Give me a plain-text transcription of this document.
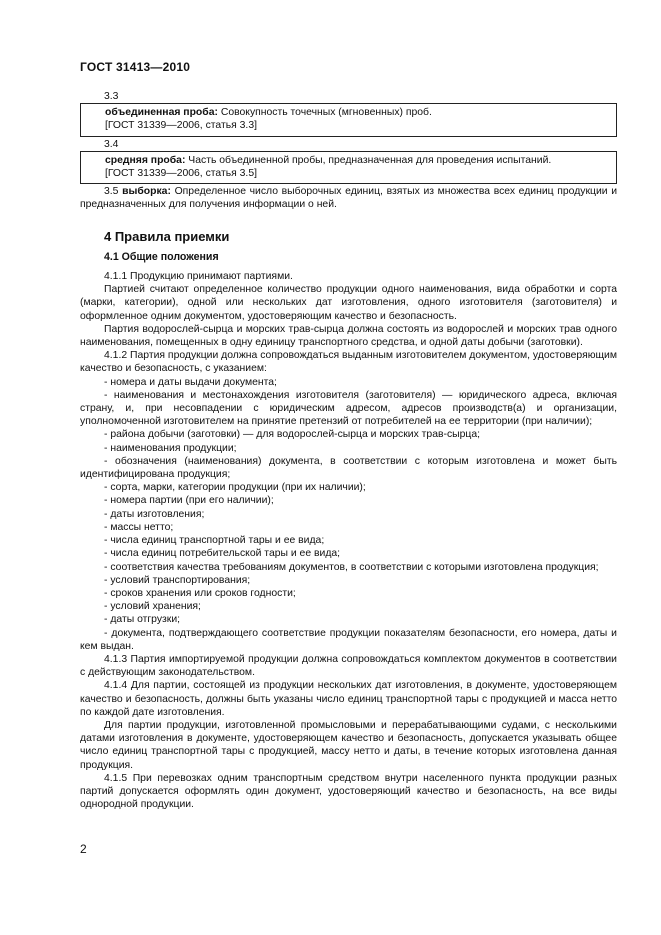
ГОСТ 31413—2010

3.3

объединенная проба: Совокупность точечных (мгновенных) проб.
[ГОСТ 31339—2006, статья 3.3]

3.4

средняя проба: Часть объединенной пробы, предназначенная для проведения испытаний.
[ГОСТ 31339—2006, статья 3.5]

3.5 выборка: Определенное число выборочных единиц, взятых из множества всех единиц продукции и предназначенных для получения информации о ней.

4 Правила приемки
4.1 Общие положения

4.1.1 Продукцию принимают партиями.

Партией считают определенное количество продукции одного наименования, вида обработки и сорта (марки, категории), одной или нескольких дат изготовления, одного изготовителя (заготовителя) и оформленное одним документом, удостоверяющим качество и безопасность.

Партия водорослей-сырца и морских трав-сырца должна состоять из водорослей и морских трав одного наименования, помещенных в одну единицу транспортного средства, и одной даты добычи (заготовки).

4.1.2 Партия продукции должна сопровождаться выданным изготовителем документом, удостоверяющим качество и безопасность, с указанием:

- номера и даты выдачи документа;

- наименования и местонахождения изготовителя (заготовителя) — юридического адреса, включая страну, и, при несовпадении с юридическим адресом, адресов производств(а) и организации, уполномоченной изготовителем на принятие претензий от потребителей на ее территории (при наличии);

- района добычи (заготовки) — для водорослей-сырца и морских трав-сырца;

- наименования продукции;

- обозначения (наименования) документа, в соответствии с которым изготовлена и может быть идентифицирована продукция;

- сорта, марки, категории продукции (при их наличии);

- номера партии (при его наличии);

- даты изготовления;

- массы нетто;

- числа единиц транспортной тары и ее вида;

- числа единиц потребительской тары и ее вида;

- соответствия качества требованиям документов, в соответствии с которыми изготовлена продукция;

- условий транспортирования;

- сроков хранения или сроков годности;

- условий хранения;

- даты отгрузки;

- документа, подтверждающего соответствие продукции показателям безопасности, его номера, даты и кем выдан.

4.1.3 Партия импортируемой продукции должна сопровождаться комплектом документов в соответствии с действующим законодательством.

4.1.4 Для партии, состоящей из продукции нескольких дат изготовления, в документе, удостоверяющем качество и безопасность, должны быть указаны число единиц транспортной тары с продукцией и масса нетто по каждой дате изготовления.

Для партии продукции, изготовленной промысловыми и перерабатывающими судами, с несколькими датами изготовления в документе, удостоверяющем качество и безопасность, допускается указывать общее число единиц транспортной тары с продукцией, массу нетто и даты, в течение которых изготовлена данная продукция.

4.1.5 При перевозках одним транспортным средством внутри населенного пункта продукции разных партий допускается оформлять один документ, удостоверяющий качество и безопасность, на все виды однородной продукции.

2
